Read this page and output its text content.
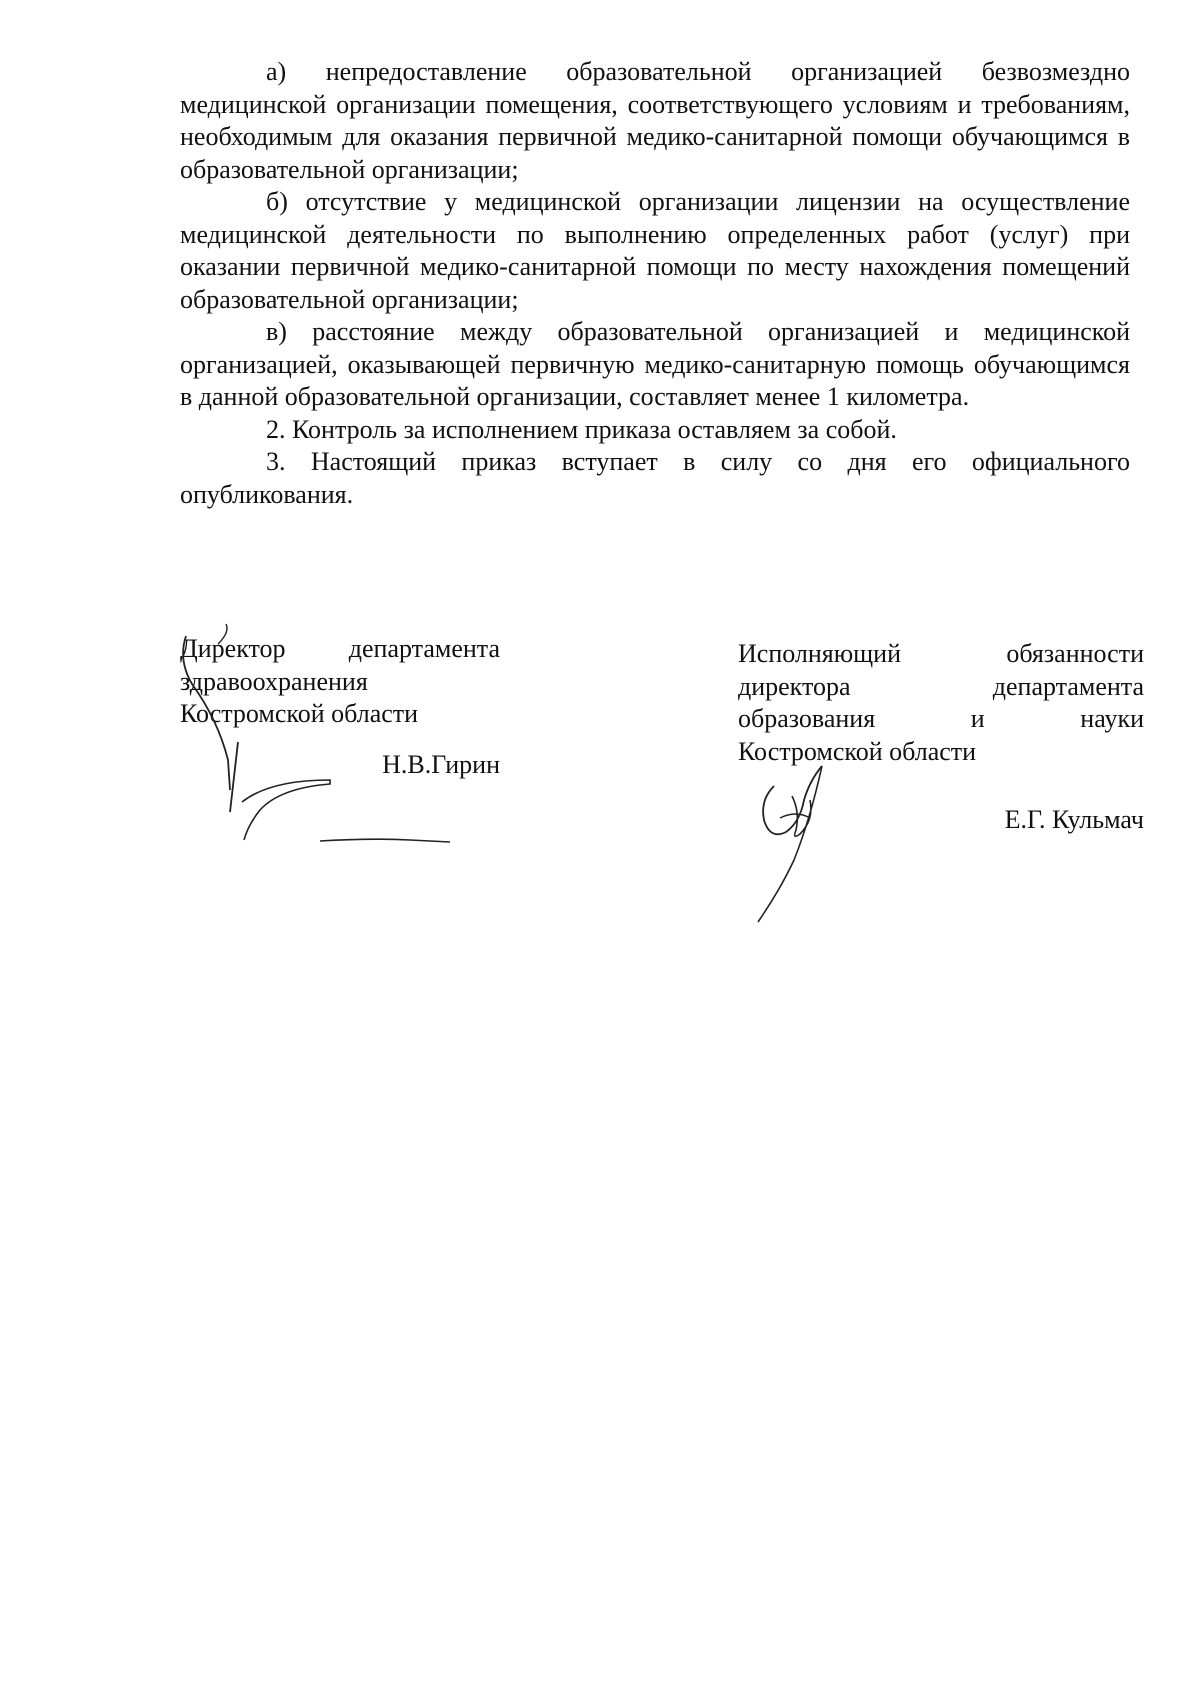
а) непредоставление образовательной организацией безвозмездно медицинской организации помещения, соответствующего условиям и требованиям, необходимым для оказания первичной медико-санитарной помощи обучающимся в образовательной организации;

б) отсутствие у медицинской организации лицензии на осуществление медицинской деятельности по выполнению определенных работ (услуг) при оказании первичной медико-санитарной помощи по месту нахождения помещений образовательной организации;

в) расстояние между образовательной организацией и медицинской организацией, оказывающей первичную медико-санитарную помощь обучающимся в данной образовательной организации, составляет менее 1 километра.

2. Контроль за исполнением приказа оставляем за собой.

3. Настоящий приказ вступает в силу со дня его официального опубликования.

Директор департамента
здравоохранения
Костромской области

Н.В.Гирин

Исполняющий обязанности
директора департамента
образования и науки
Костромской области

Е.Г. Кульмач
